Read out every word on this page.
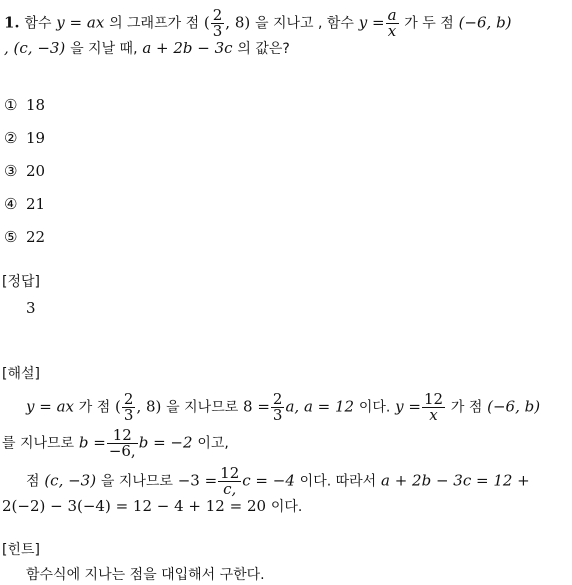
1. 함수 y = ax 의 그래프가 점 ( $\frac{2}{3}$ , 8) 을 지나고 , 함수 $y = \frac{a}{x}$ 가 두 점 (−6, b)
, (c, −3) 을 지날 때, a + 2b − 3c 의 값은?
① 18
② 19
③ 20
④ 21
⑤ 22
[정답]
3
[해설]
y = ax 가 점 ( $\frac{2}{3}$ , 8) 을 지나므로 $8 = \frac{2}{3} a$, a = 12 이다. $y = \frac{12}{x}$ 가 점 (−6, b)
를 지나므로 $b = \frac{12}{-6,}$ b = −2 이고,
점 (c, −3) 을 지나므로 $-3 = \frac{12}{c,}$ c = −4 이다. 따라서 a + 2b − 3c = 12 +
2(−2) − 3(−4) = 12 − 4 + 12 = 20 이다.
[힌트]
함수식에 지나는 점을 대입해서 구한다.
